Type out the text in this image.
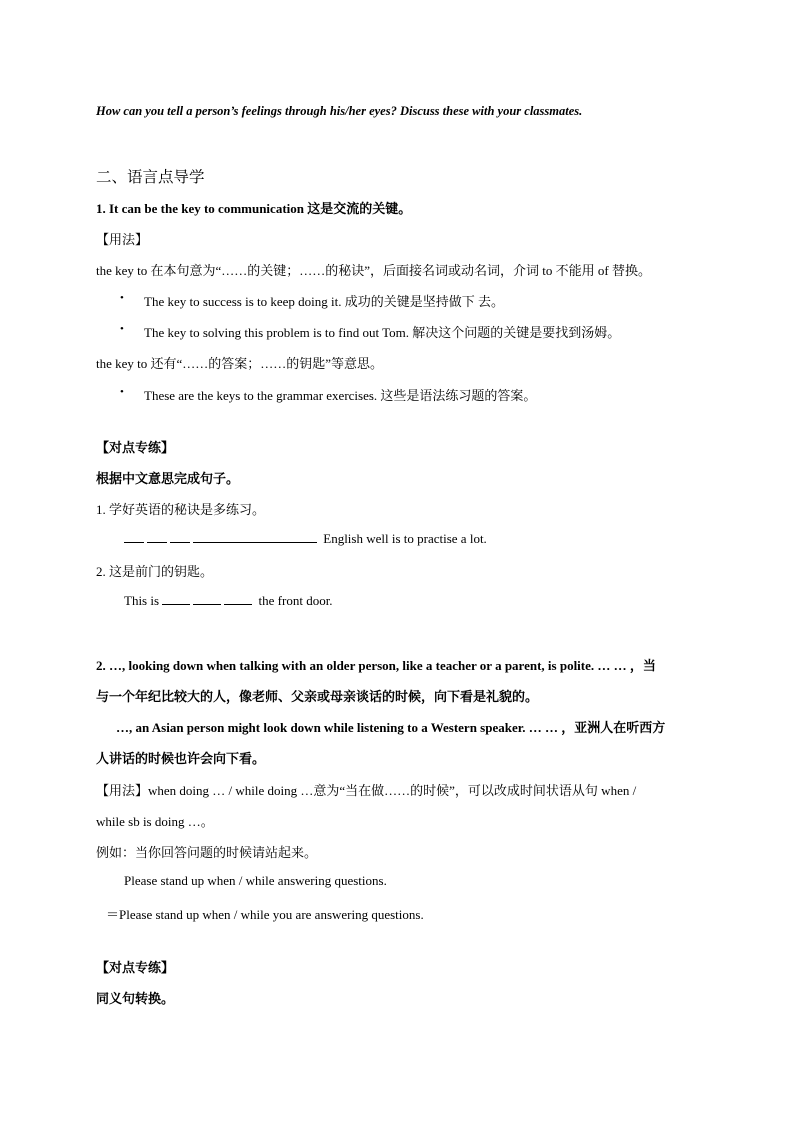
How can you tell a person’s feelings through his/her eyes? Discuss these with your classmates.
二、语言点导学
1. It can be the key to communication 这是交流的关键。
【用法】
the key to 在本句意为“……的关键；……的秘诀”，后面接名词或动名词，介词 to 不能用 of 替换。
• The key to success is to keep doing it. 成功的关键是坚持做下 去。
• The key to solving this problem is to find out Tom. 解决这个问题的关键是要找到汤姆。
the key to 还有“……的答案；……的钥匙”等意思。
• These are the keys to the grammar exercises. 这些是语法练习题的答案。
【对点专练】
根据中文意思完成句子。
1. 学好英语的秘诀是多练习。
English well is to practise a lot.
2. 这是前门的钥匙。
This is	the front door.
2. …, looking down when talking with an older person, like a teacher or a parent, is polite. … … ，当
与一个年纪比较大的人，像老师、父亲或母亲谈话的时候，向下看是礼貌的。
…, an Asian person might look down while listening to a Western speaker. … … ，亚洲人在听西方
人讲话的时候也许会向下看。
【用法】when doing … / while doing …意为“当在做……的时候”，可以改成时间状语从句 when /
while sb is doing …。
例如：当你回答问题的时候请站起来。
Please stand up when / while answering questions.
＝Please stand up when / while you are answering questions.
【对点专练】
同义句转换。
